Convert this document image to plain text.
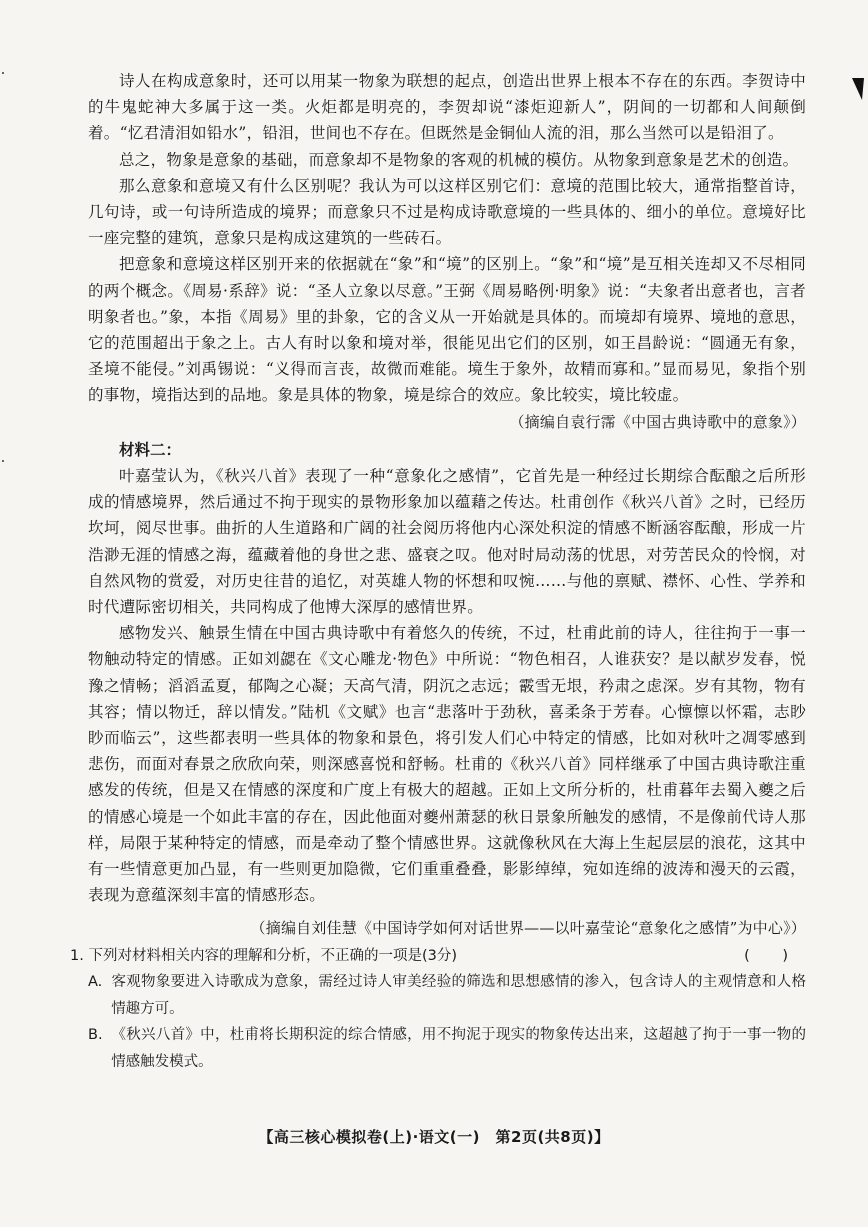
诗人在构成意象时，还可以用某一物象为联想的起点，创造出世界上根本不存在的东西。李贺诗中的牛鬼蛇神大多属于这一类。火炬都是明亮的，李贺却说“漆炬迎新人”，阴间的一切都和人间颠倒着。“忆君清泪如铅水”，铅泪，世间也不存在。但既然是金铜仙人流的泪，那么当然可以是铅泪了。

总之，物象是意象的基础，而意象却不是物象的客观的机械的模仿。从物象到意象是艺术的创造。

那么意象和意境又有什么区别呢？我认为可以这样区别它们：意境的范围比较大，通常指整首诗，几句诗，或一句诗所造成的境界；而意象只不过是构成诗歌意境的一些具体的、细小的单位。意境好比一座完整的建筑，意象只是构成这建筑的一些砖石。

把意象和意境这样区别开来的依据就在“象”和“境”的区别上。“象”和“境”是互相关连却又不尽相同的两个概念。《周易·系辞》说：“圣人立象以尽意。”王弼《周易略例·明象》说：“夫象者出意者也，言者明象者也。”象，本指《周易》里的卦象，它的含义从一开始就是具体的。而境却有境界、境地的意思，它的范围超出于象之上。古人有时以象和境对举，很能见出它们的区别，如王昌龄说：“圆通无有象，圣境不能侵。”刘禹锡说：“义得而言丧，故微而难能。境生于象外，故精而寡和。”显而易见，象指个别的事物，境指达到的品地。象是具体的物象，境是综合的效应。象比较实，境比较虚。

（摘编自袁行霈《中国古典诗歌中的意象》）

材料二：

叶嘉莹认为，《秋兴八首》表现了一种“意象化之感情”，它首先是一种经过长期综合酝酿之后所形成的情感境界，然后通过不拘于现实的景物形象加以蕴藉之传达。杜甫创作《秋兴八首》之时，已经历坎坷，阅尽世事。曲折的人生道路和广阔的社会阅历将他内心深处积淀的情感不断涵容酝酿，形成一片浩渺无涯的情感之海，蕴藏着他的身世之悲、盛衰之叹。他对时局动荡的忧思，对劳苦民众的怜悯，对自然风物的赏爱，对历史往昔的追忆，对英雄人物的怀想和叹惋……与他的禀赋、襟怀、心性、学养和时代遭际密切相关，共同构成了他博大深厚的感情世界。

感物发兴、触景生情在中国古典诗歌中有着悠久的传统，不过，杜甫此前的诗人，往往拘于一事一物触动特定的情感。正如刘勰在《文心雕龙·物色》中所说：“物色相召，人谁获安？是以献岁发春，悦豫之情畅；滔滔孟夏，郁陶之心凝；天高气清，阴沉之志远；霰雪无垠，矜肃之虑深。岁有其物，物有其容；情以物迁，辞以情发。”陆机《文赋》也言“悲落叶于劲秋，喜柔条于芳春。心懔懔以怀霜，志眇眇而临云”，这些都表明一些具体的物象和景色，将引发人们心中特定的情感，比如对秋叶之凋零感到悲伤，而面对春景之欣欣向荣，则深感喜悦和舒畅。杜甫的《秋兴八首》同样继承了中国古典诗歌注重感发的传统，但是又在情感的深度和广度上有极大的超越。正如上文所分析的，杜甫暮年去蜀入夔之后的情感心境是一个如此丰富的存在，因此他面对夔州萧瑟的秋日景象所触发的感情，不是像前代诗人那样，局限于某种特定的情感，而是牵动了整个情感世界。这就像秋风在大海上生起层层的浪花，这其中有一些情意更加凸显，有一些则更加隐微，它们重重叠叠，影影绰绰，宛如连绵的波涛和漫天的云霞，表现为意蕴深刻丰富的情感形态。

（摘编自刘佳慧《中国诗学如何对话世界——以叶嘉莹论“意象化之感情”为中心》）

1. 下列对材料相关内容的理解和分析，不正确的一项是(3分)	( )

A. 客观物象要进入诗歌成为意象，需经过诗人审美经验的筛选和思想感情的渗入，包含诗人的主观情意和人格情趣方可。

B. 《秋兴八首》中，杜甫将长期积淀的综合情感，用不拘泥于现实的物象传达出来，这超越了拘于一事一物的情感触发模式。

【高三核心模拟卷(上)·语文(一)　第2页(共8页)】
